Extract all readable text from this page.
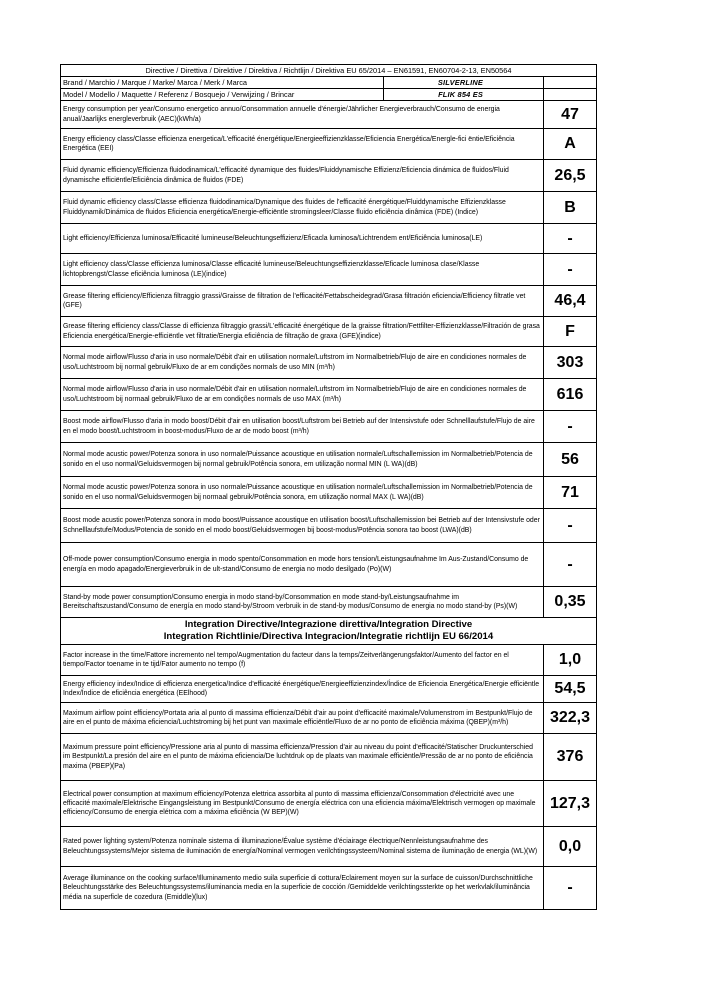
Directive / Direttiva / Direktive / Direktiva / Richtlijn / Direktiva EU 65/2014 – EN61591, EN60704-2-13, EN50564

Brand / Marchio / Marque / Marke/ Marca / Merk / Marca	SILVERLINE

Model / Modello / Maquette / Referenz / Bosquejo / Verwijzing / Brincar	FLIK 854 ES

Energy consumption per year/Consumo energetico annuo/Consommation annuelle d'énergie/Jährlicher Energieverbrauch/Consumo de energia anual/Jaarlijks energleverbruik (AEC)(kWh/a)	47
Energy efficiency class/Classe efficienza energetica/L'efficacité énergétique/Energieeffizienzklasse/Eficiencia Energética/Energle-fici ëntie/Eficiência Energética (EEI)	A
Fluid dynamic efficiency/Efficienza fluidodinamica/L'efficacité dynamique des fluides/Fluiddynamische Effizienz/Eficiencia dinámica de fluidos/Fluid dynamische efficiëntle/Eficiência dinâmica de fluidos (FDE)	26,5
Fluid dynamic efficiency class/Classe efficienza fluidodinamica/Dynamique des fluides de l'efficacité énergétique/Fluiddynamische Effizienzklasse Fluiddynamik/Dinámica de fluidos Eficiencia energética/Energie-efficiëntle stromingsleer/Classe fluido eficiência dinâmica (FDE) (Indice)	B
Light efficiency/Efficienza luminosa/Efficacité lumineuse/Beleuchtungseffizienz/Eficacla luminosa/Lichtrendem ent/Eficiência luminosa(LE)	-
Light efficiency class/Classe efficienza luminosa/Classe efficacité lumineuse/Beleuchtungseffizienzklasse/Eficacle luminosa clase/Klasse lichtopbrengst/Classe eficiência luminosa (LE)(indice)	-
Grease filtering efficiency/Efficienza filtraggio grassi/Graisse de filtration de l'efficacité/Fettabscheidegrad/Grasa filtración eficiencia/Efficiency filtratle vet (GFE)	46,4
Grease filtering efficiency class/Classe di efficienza filtraggio grassi/L'efficacité énergétique de la graisse filtration/Fettfilter-Effizienzklasse/Filtración de grasa Eficiencia energética/Energie-efficiëntle vet filtratie/Energia eficiência de filtração de graxa (GFE)(indice)	F
Normal mode airflow/Flusso d'aria in uso normale/Débit d'air en utilisation normale/Luftstrom im Normalbetrieb/Flujo de aire en condiciones normales de uso/Luchtstroom bij normal gebruik/Fluxo de ar em condições normals de uso MIN (m³/h)	303
Normal mode airflow/Flusso d'aria in uso normale/Débit d'air en utilisation normale/Luftstrom im Normalbetrieb/Flujo de aire en condiciones normales de uso/Luchtstroom bij normaal gebruik/Fluxo de ar em condições normals de uso MAX (m³/h)	616
Boost mode airflow/Flusso d'aria in modo boost/Débit d'air en utilisation boost/Luftstrom bei Betrieb auf der Intensivstufe oder Schnelllaufstufe/Flujo de aire en el modo boost/Luchtstroom in boost-modus/Fluxo de ar de modo boost (m³/h)	-
Normal mode acustic power/Potenza sonora in uso normale/Puissance acoustique en utilisation normale/Luftschallemission im Normalbetrieb/Potencia de sonido en el uso normal/Geluidsvermogen bij normal gebruik/Potência sonora, em utilização normal MIN (L WA)(dB)	56
Normal mode acustic power/Potenza sonora in uso normale/Puissance acoustique en utilisation normale/Luftschallemission im Normalbetrieb/Potencia de sonido en el uso normal/Geluidsvermogen bij normaal gebruik/Potência sonora, em utilização normal MAX (L WA)(dB)	71
Boost mode acustic power/Potenza sonora in modo boost/Puissance acoustique en utilisation boost/Luftschallemission bei Betrieb auf der Intensivstufe oder Schnelllaufstufe/Modus/Potencia de sonido en el modo boost/Geluidsvermogen bij boost-modus/Potência sonora tao boost (LWA)(dB)	-
Off-mode power consumption/Consumo energia in modo spento/Consommation en mode hors tension/Leistungsaufnahme Im Aus-Zustand/Consumo de energía en modo apagado/Energieverbruik in de ult-stand/Consumo de energia no modo desilgado (Po)(W)	-
Stand-by mode power consumption/Consumo energia in modo stand-by/Consommation en mode stand-by/Leistungsaufnahme im Bereitschaftszustand/Consumo de energía en modo stand-by/Stroom verbruik in de stand-by modus/Consumo de energia no modo stand-by (Ps)(W)	0,35

Integration Directive/Integrazione direttiva/Integration Directive
Integration Richtlinie/Directiva Integracion/Integratie richtlijn EU 66/2014

Factor increase in the time/Fattore incremento nel tempo/Augmentation du facteur dans la temps/Zeitverlängerungsfaktor/Aumento del factor en el tiempo/Factor toename in te tijd/Fator aumento no tempo (f)	1,0
Energy efficiency index/Indice di efficienza energetica/Indice d'efficacité énergétique/Energieeffizienzindex/Índice de Eficiencia Energética/Energie efficiëntle Index/Índice de eficiência energética (EElhood)	54,5
Maximum airflow point efficiency/Portata aria al punto di massima efficienza/Débit d'air au point d'efficacité maximale/Volumenstrom im Bestpunkt/Flujo de aire en el punto de máxima eficiencia/Luchtstroming bij het punt van maximale efficiëntle/Fluxo de ar no ponto de eficiência máxima (QBEP)(m³/h)	322,3
Maximum pressure point efficiency/Pressione aria al punto di massima efficienza/Pression d'air au niveau du point d'efficacité/Statischer Druckunterschied im Bestpunkt/La presión del aire en el punto de máxima eficiencia/De luchtdruk op de plaats van maximale efficiëntle/Pressão de ar no ponto de eficiência maxima (PBEP)(Pa)	376
Electrical power consumption at maximum efficiency/Potenza elettrica assorbita al punto di massima efficienza/Consommation d'électricité avec une efficacité maximale/Elektrische Eingangsleistung im Bestpunkt/Consumo de energía eléctrica con una eficiencia máxima/Elektrisch vermogen op maximale efficiency/Consumo de energia elétrica com a máxima eficiência (W BEP)(W)	127,3
Rated power lighting system/Potenza nominale sistema di illuminazione/Évalue système d'éciairage électrique/Nennleistungsaufnahme des Beleuchtungssystems/Mejor sistema de iluminación de energía/Nominal vermogen verilchtingssysteem/Nominal sistema de iluminação de energia (WL)(W)	0,0
Average illuminance on the cooking surface/Illuminamento medio suila superficie di cottura/Eclairement moyen sur la surface de cuisson/Durchschnittliche Beleuchtungsstärke des Beleuchtungssystems/iluminancia media en la superficie de cocción /Gemiddelde verilchtingssterkte op het werkvlak/iluminância média na superficle de cozedura (Emiddle)(lux)	-
